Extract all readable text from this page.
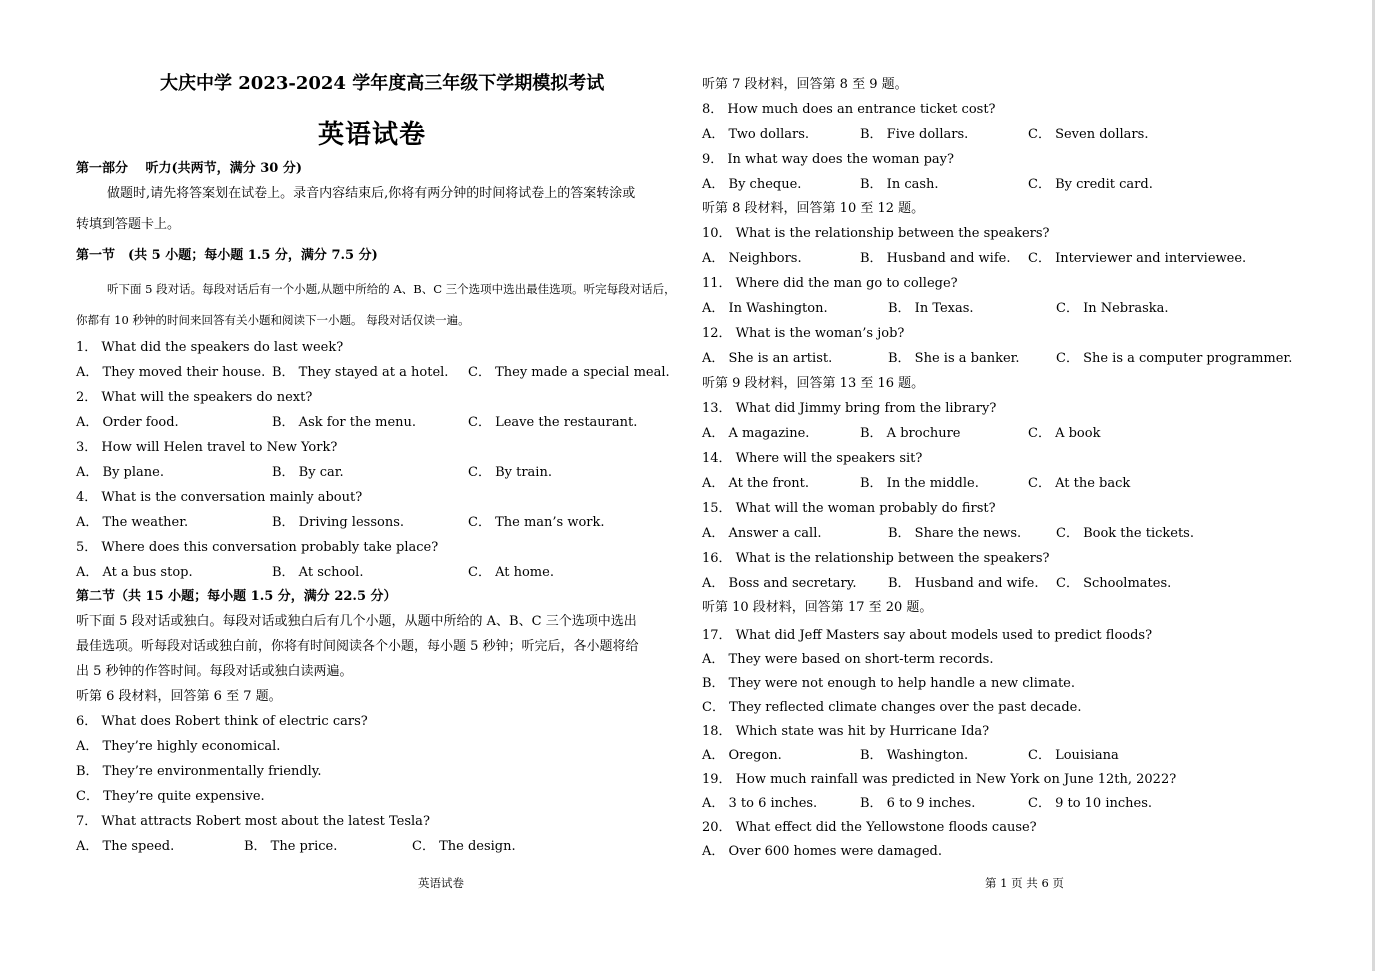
大庆中学 2023-2024 学年度高三年级下学期模拟考试
英语试卷
第一部分　 听力(共两节，满分 30 分)
做题时,请先将答案划在试卷上。录音内容结束后,你将有两分钟的时间将试卷上的答案转涂或
转填到答题卡上。
第一节　(共 5 小题；每小题 1.5 分，满分 7.5 分)
听下面 5 段对话。每段对话后有一个小题,从题中所给的 A、B、C 三个选项中选出最佳选项。听完每段对话后，
你都有 10 秒钟的时间来回答有关小题和阅读下一小题。 每段对话仅读一遍。
1． What did the speakers do last week?
A． They moved their house. B． They stayed at a hotel. C． They made a special meal.
2． What will the speakers do next?
A． Order food.	B． Ask for the menu.	C． Leave the restaurant.
3． How will Helen travel to New York?
A． By plane.	B． By car.	C． By train.
4． What is the conversation mainly about?
A． The weather.	B． Driving lessons.	C． The man’s work.
5． Where does this conversation probably take place?
A． At a bus stop.	B． At school.	C． At home.
第二节（共 15 小题；每小题 1.5 分，满分 22.5 分）
听下面 5 段对话或独白。每段对话或独白后有几个小题，从题中所给的 A、B、C 三个选项中选出
最佳选项。听每段对话或独白前，你将有时间阅读各个小题，每小题 5 秒钟；听完后，各小题将给
出 5 秒钟的作答时间。每段对话或独白读两遍。
听第 6 段材料，回答第 6 至 7 题。
6． What does Robert think of electric cars?
A． They’re highly economical.
B． They’re environmentally friendly.
C． They’re quite expensive.
7． What attracts Robert most about the latest Tesla?
A． The speed.	B． The price.	C． The design.
英语试卷
听第 7 段材料，回答第 8 至 9 题。
8． How much does an entrance ticket cost?
A． Two dollars.	B． Five dollars.	C． Seven dollars.
9． In what way does the woman pay?
A． By cheque.	B． In cash.	C． By credit card.
听第 8 段材料，回答第 10 至 12 题。
10． What is the relationship between the speakers?
A． Neighbors.	B． Husband and wife. C． Interviewer and interviewee.
11． Where did the man go to college?
A． In Washington.	B． In Texas.	C． In Nebraska.
12． What is the woman’s job?
A． She is an artist.	B． She is a banker.	C． She is a computer programmer.
听第 9 段材料，回答第 13 至 16 题。
13． What did Jimmy bring from the library?
A． A magazine.	B． A brochure	C． A book
14． Where will the speakers sit?
A． At the front.	B． In the middle.	C． At the back
15． What will the woman probably do first?
A． Answer a call.	B． Share the news.	C． Book the tickets.
16． What is the relationship between the speakers?
A． Boss and secretary. B． Husband and wife. C． Schoolmates.
听第 10 段材料，回答第 17 至 20 题。
17． What did Jeff Masters say about models used to predict floods?
A． They were based on short-term records.
B． They were not enough to help handle a new climate.
C． They reflected climate changes over the past decade.
18． Which state was hit by Hurricane Ida?
A． Oregon.	B． Washington.	C． Louisiana
19． How much rainfall was predicted in New York on June 12th, 2022?
A． 3 to 6 inches.	B． 6 to 9 inches.	C． 9 to 10 inches.
20． What effect did the Yellowstone floods cause?
A． Over 600 homes were damaged.
第 1 页 共 6 页
